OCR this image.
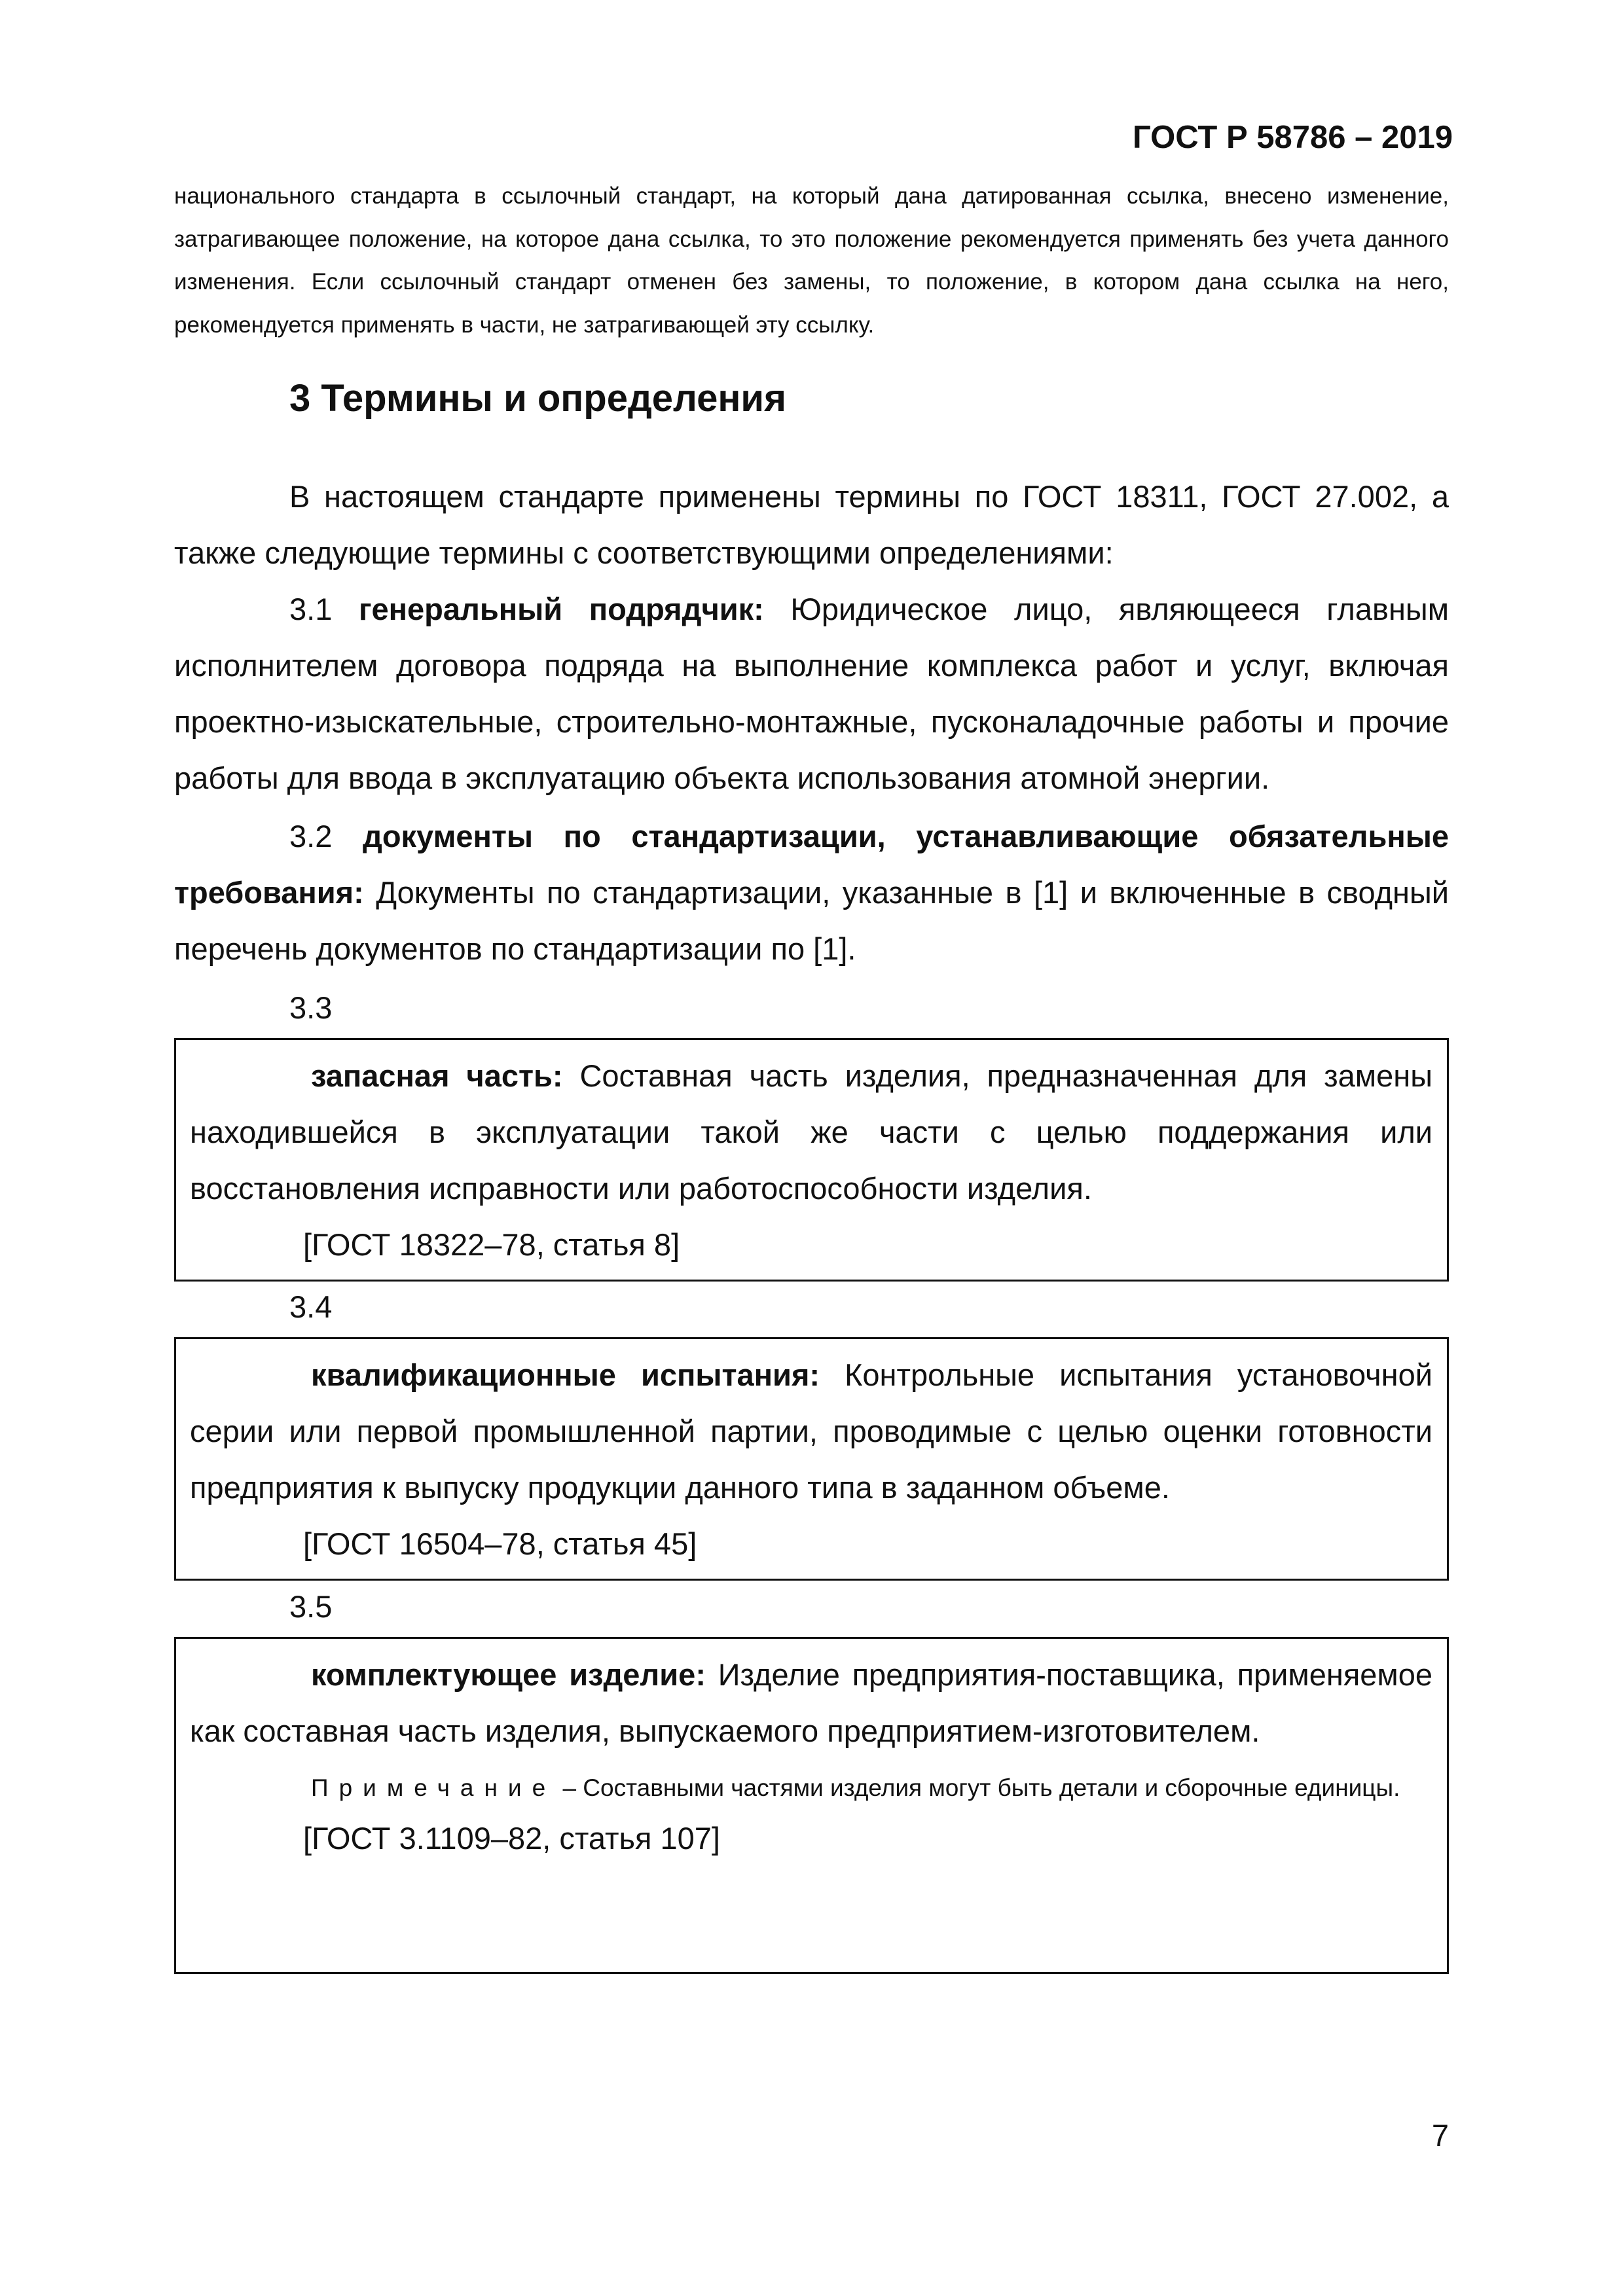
ГОСТ Р 58786 – 2019
национального стандарта в ссылочный стандарт, на который дана датированная ссылка, внесено изменение, затрагивающее положение, на которое дана ссылка, то это положение рекомендуется применять без учета данного изменения. Если ссылочный стандарт отменен без замены, то положение, в котором дана ссылка на него, рекомендуется применять в части, не затрагивающей эту ссылку.
3 Термины и определения
В настоящем стандарте применены термины по ГОСТ 18311, ГОСТ 27.002, а также следующие термины с соответствующими определениями:
3.1 генеральный подрядчик: Юридическое лицо, являющееся главным исполнителем договора подряда на выполнение комплекса работ и услуг, включая проектно-изыскательные, строительно-монтажные, пусконаладочные работы и прочие работы для ввода в эксплуатацию объекта использования атомной энергии.
3.2 документы по стандартизации, устанавливающие обязательные требования: Документы по стандартизации, указанные в [1] и включенные в сводный перечень документов по стандартизации по [1].
3.3
запасная часть: Составная часть изделия, предназначенная для замены находившейся в эксплуатации такой же части с целью поддержания или восстановления исправности или работоспособности изделия.
[ГОСТ 18322–78, статья 8]
3.4
квалификационные испытания: Контрольные испытания установочной серии или первой промышленной партии, проводимые с целью оценки готовности предприятия к выпуску продукции данного типа в заданном объеме.
[ГОСТ 16504–78, статья 45]
3.5
комплектующее изделие: Изделие предприятия-поставщика, применяемое как составная часть изделия, выпускаемого предприятием-изготовителем.
Примечание – Составными частями изделия могут быть детали и сборочные единицы.
[ГОСТ 3.1109–82, статья 107]
7
